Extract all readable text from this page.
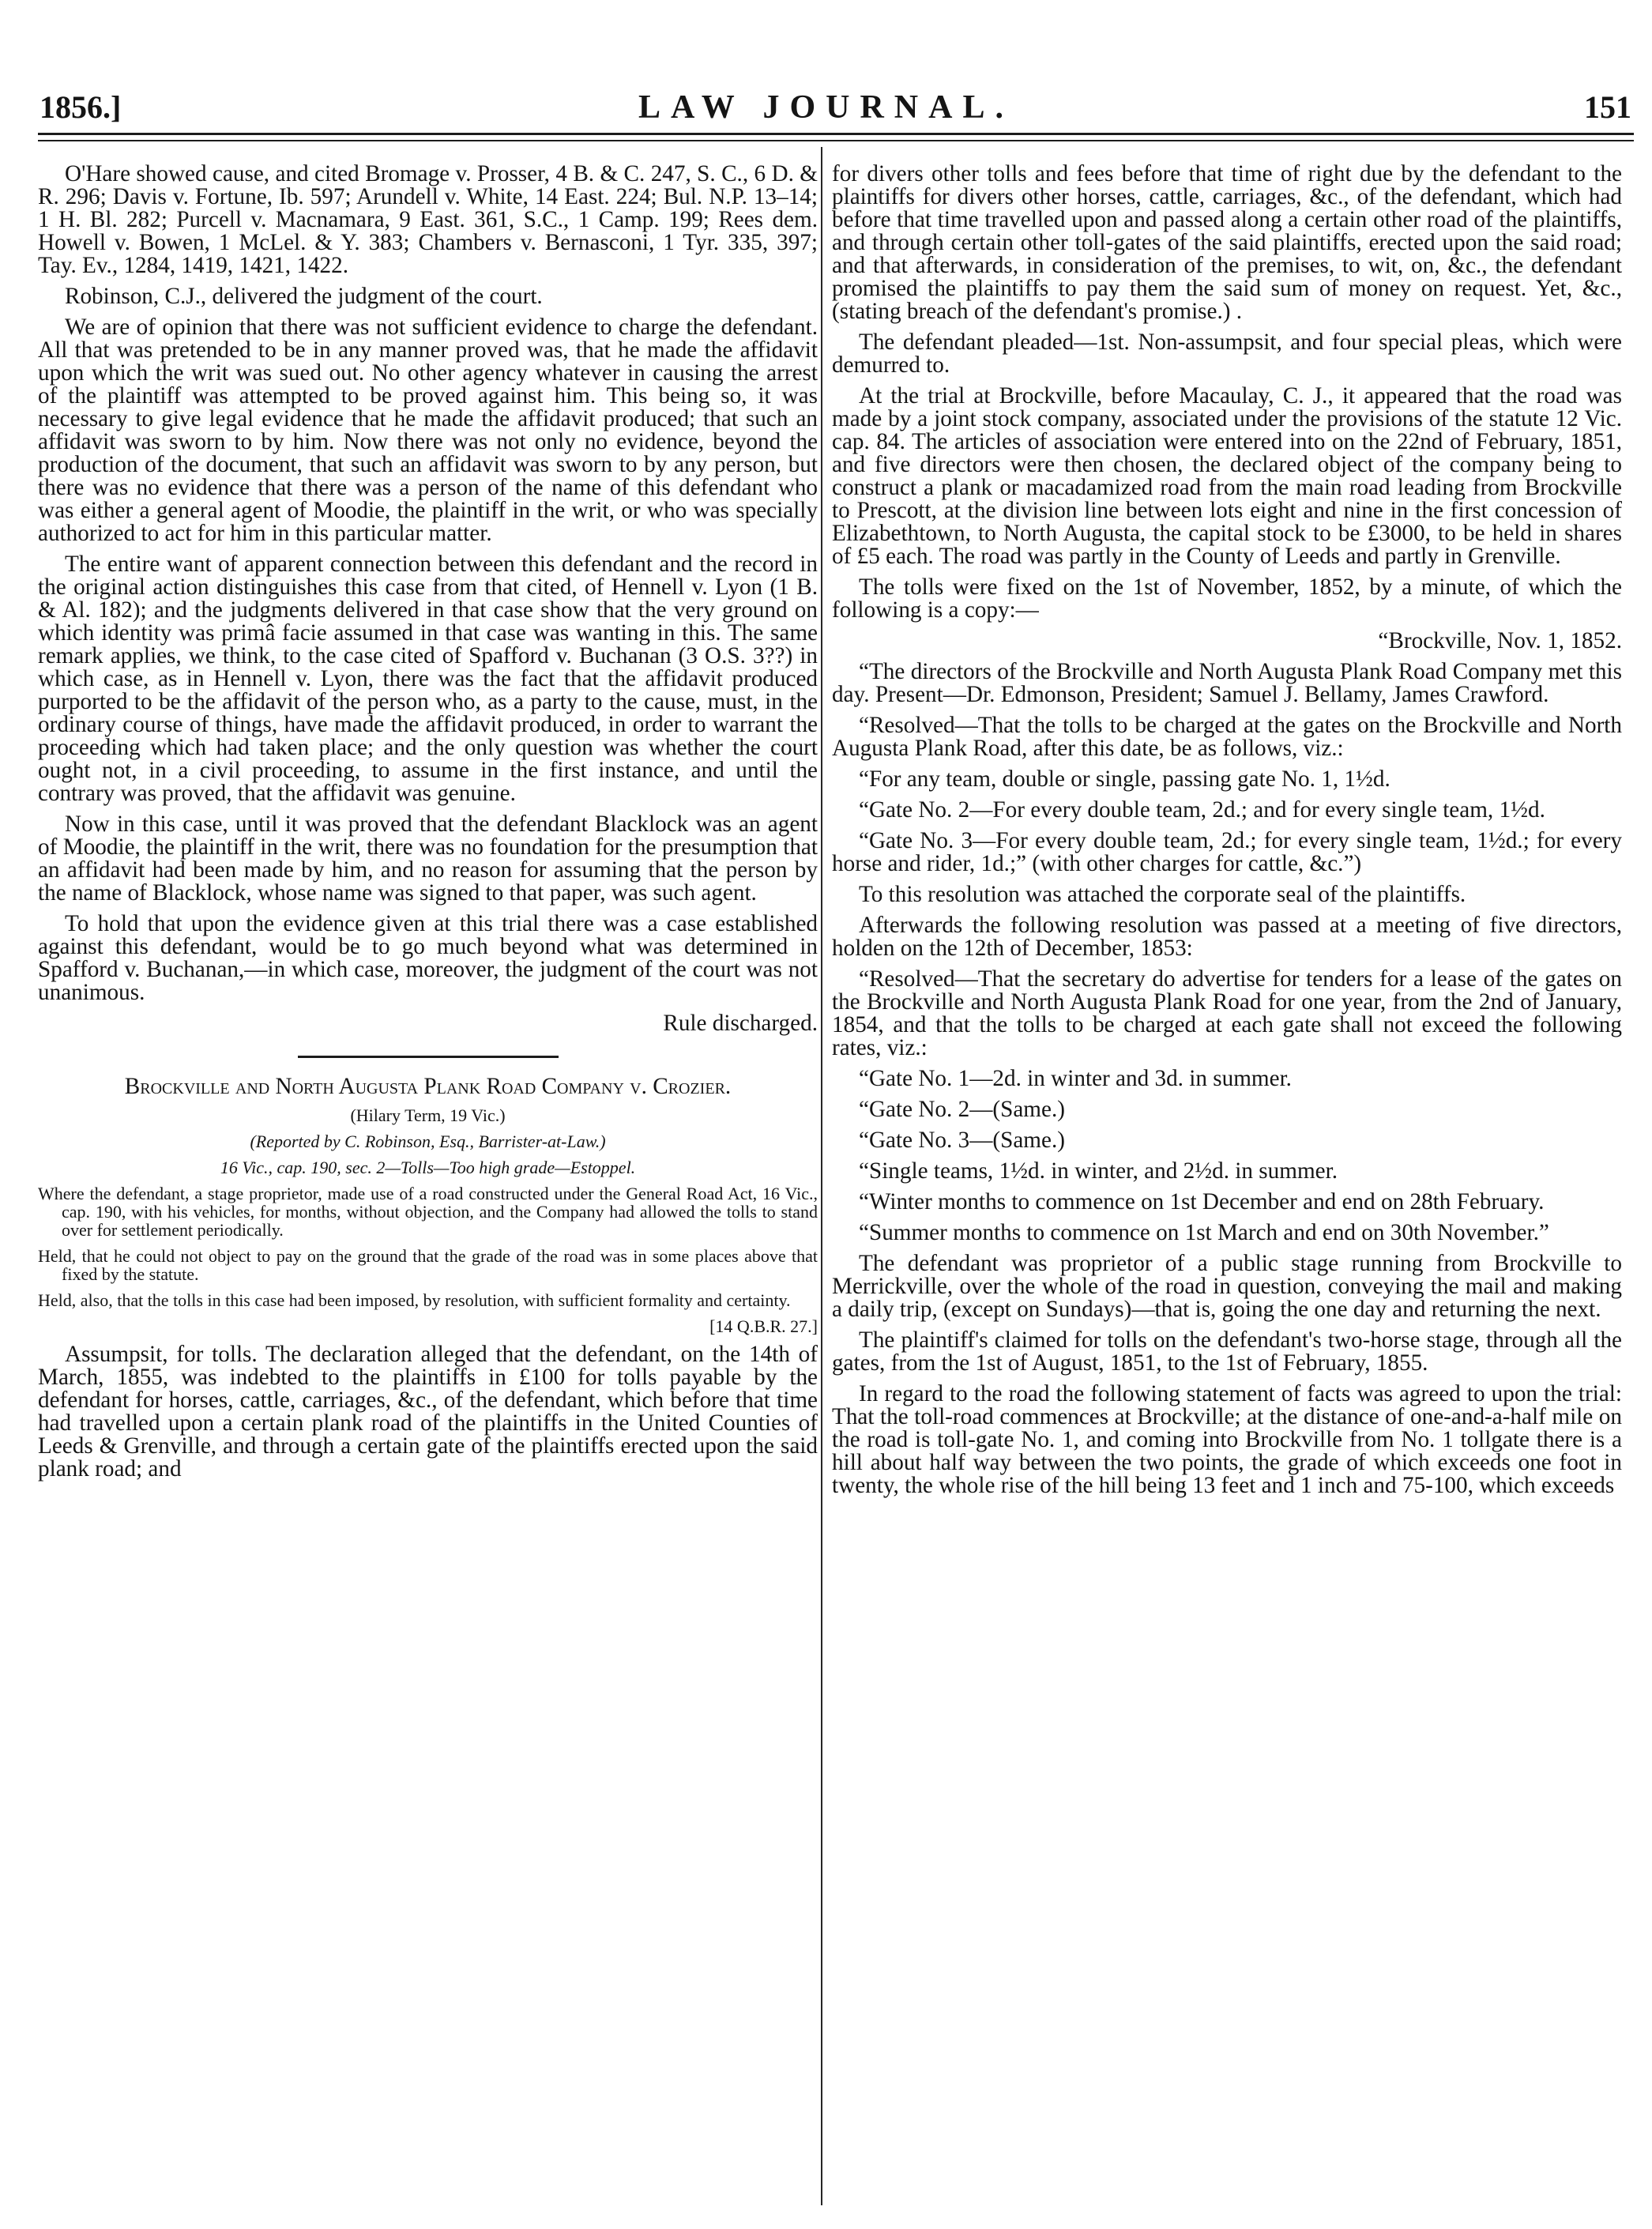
1856.]	LAW JOURNAL.	151

O'Hare showed cause, and cited Bromage v. Prosser, 4 B. & C. 247, S. C., 6 D. & R. 296; Davis v. Fortune, Ib. 597; Arundell v. White, 14 East. 224; Bul. N.P. 13–14; 1 H. Bl. 282; Purcell v. Macnamara, 9 East. 361, S.C., 1 Camp. 199; Rees dem. Howell v. Bowen, 1 McLel. & Y. 383; Chambers v. Bernasconi, 1 Tyr. 335, 397; Tay. Ev., 1284, 1419, 1421, 1422.

Robinson, C.J., delivered the judgment of the court.

We are of opinion that there was not sufficient evidence to charge the defendant. All that was pretended to be in any manner proved was, that he made the affidavit upon which the writ was sued out. No other agency whatever in causing the arrest of the plaintiff was attempted to be proved against him. This being so, it was necessary to give legal evidence that he made the affidavit produced; that such an affidavit was sworn to by him. Now there was not only no evidence, beyond the production of the document, that such an affidavit was sworn to by any person, but there was no evidence that there was a person of the name of this defendant who was either a general agent of Moodie, the plaintiff in the writ, or who was specially authorized to act for him in this particular matter.

The entire want of apparent connection between this defendant and the record in the original action distinguishes this case from that cited, of Hennell v. Lyon (1 B. & Al. 182); and the judgments delivered in that case show that the very ground on which identity was primâ facie assumed in that case was wanting in this. The same remark applies, we think, to the case cited of Spafford v. Buchanan (3 O.S. 3??) in which case, as in Hennell v. Lyon, there was the fact that the affidavit produced purported to be the affidavit of the person who, as a party to the cause, must, in the ordinary course of things, have made the affidavit produced, in order to warrant the proceeding which had taken place; and the only question was whether the court ought not, in a civil proceeding, to assume in the first instance, and until the contrary was proved, that the affidavit was genuine.

Now in this case, until it was proved that the defendant Blacklock was an agent of Moodie, the plaintiff in the writ, there was no foundation for the presumption that an affidavit had been made by him, and no reason for assuming that the person by the name of Blacklock, whose name was signed to that paper, was such agent.

To hold that upon the evidence given at this trial there was a case established against this defendant, would be to go much beyond what was determined in Spafford v. Buchanan,—in which case, moreover, the judgment of the court was not unanimous.

Rule discharged.

Brockville and North Augusta Plank Road Company v. Crozier.

(Hilary Term, 19 Vic.)

(Reported by C. Robinson, Esq., Barrister-at-Law.)

16 Vic., cap. 190, sec. 2—Tolls—Too high grade—Estoppel.

Where the defendant, a stage proprietor, made use of a road constructed under the General Road Act, 16 Vic., cap. 190, with his vehicles, for months, without objection, and the Company had allowed the tolls to stand over for settlement periodically.

Held, that he could not object to pay on the ground that the grade of the road was in some places above that fixed by the statute.

Held, also, that the tolls in this case had been imposed, by resolution, with sufficient formality and certainty.

[14 Q.B.R. 27.]

Assumpsit, for tolls. The declaration alleged that the defendant, on the 14th of March, 1855, was indebted to the plaintiffs in £100 for tolls payable by the defendant for horses, cattle, carriages, &c., of the defendant, which before that time had travelled upon a certain plank road of the plaintiffs in the United Counties of Leeds & Grenville, and through a certain gate of the plaintiffs erected upon the said plank road; and

for divers other tolls and fees before that time of right due by the defendant to the plaintiffs for divers other horses, cattle, carriages, &c., of the defendant, which had before that time travelled upon and passed along a certain other road of the plaintiffs, and through certain other toll-gates of the said plaintiffs, erected upon the said road; and that afterwards, in consideration of the premises, to wit, on, &c., the defendant promised the plaintiffs to pay them the said sum of money on request. Yet, &c., (stating breach of the defendant's promise.) .

The defendant pleaded—1st. Non-assumpsit, and four special pleas, which were demurred to.

At the trial at Brockville, before Macaulay, C. J., it appeared that the road was made by a joint stock company, associated under the provisions of the statute 12 Vic. cap. 84. The articles of association were entered into on the 22nd of February, 1851, and five directors were then chosen, the declared object of the company being to construct a plank or macadamized road from the main road leading from Brockville to Prescott, at the division line between lots eight and nine in the first concession of Elizabethtown, to North Augusta, the capital stock to be £3000, to be held in shares of £5 each. The road was partly in the County of Leeds and partly in Grenville.

The tolls were fixed on the 1st of November, 1852, by a minute, of which the following is a copy:—

“Brockville, Nov. 1, 1852.

“The directors of the Brockville and North Augusta Plank Road Company met this day. Present—Dr. Edmonson, President; Samuel J. Bellamy, James Crawford.

“Resolved—That the tolls to be charged at the gates on the Brockville and North Augusta Plank Road, after this date, be as follows, viz.:

“For any team, double or single, passing gate No. 1, 1½d.

“Gate No. 2—For every double team, 2d.; and for every single team, 1½d.

“Gate No. 3—For every double team, 2d.; for every single team, 1½d.; for every horse and rider, 1d.;” (with other charges for cattle, &c.”)

To this resolution was attached the corporate seal of the plaintiffs.

Afterwards the following resolution was passed at a meeting of five directors, holden on the 12th of December, 1853:

“Resolved—That the secretary do advertise for tenders for a lease of the gates on the Brockville and North Augusta Plank Road for one year, from the 2nd of January, 1854, and that the tolls to be charged at each gate shall not exceed the following rates, viz.:

“Gate No. 1—2d. in winter and 3d. in summer.

“Gate No. 2—(Same.)

“Gate No. 3—(Same.)

“Single teams, 1½d. in winter, and 2½d. in summer.

“Winter months to commence on 1st December and end on 28th February.

“Summer months to commence on 1st March and end on 30th November.”

The defendant was proprietor of a public stage running from Brockville to Merrickville, over the whole of the road in question, conveying the mail and making a daily trip, (except on Sundays)—that is, going the one day and returning the next.

The plaintiff's claimed for tolls on the defendant's two-horse stage, through all the gates, from the 1st of August, 1851, to the 1st of February, 1855.

In regard to the road the following statement of facts was agreed to upon the trial: That the toll-road commences at Brockville; at the distance of one-and-a-half mile on the road is toll-gate No. 1, and coming into Brockville from No. 1 tollgate there is a hill about half way between the two points, the grade of which exceeds one foot in twenty, the whole rise of the hill being 13 feet and 1 inch and 75-100, which exceeds
